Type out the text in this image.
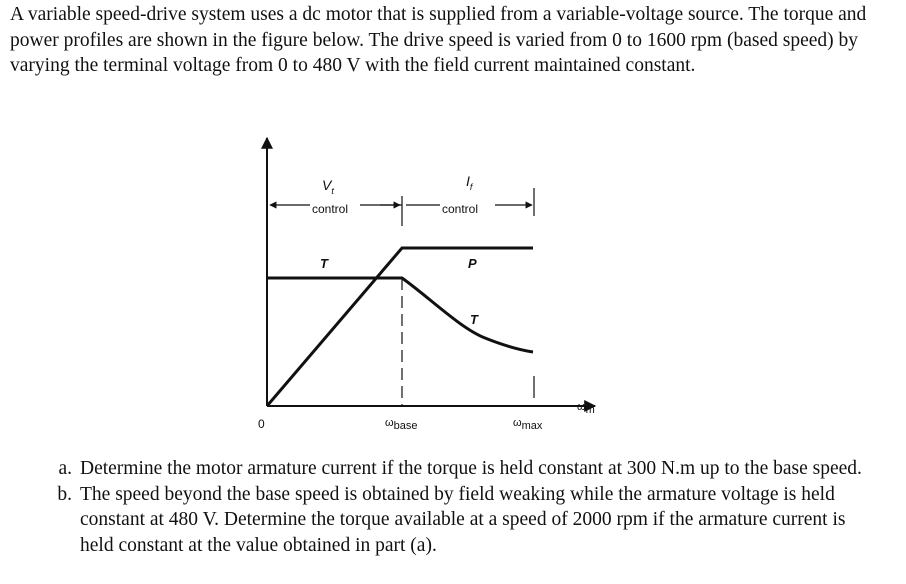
A variable speed-drive system uses a dc motor that is supplied from a variable-voltage source. The torque and power profiles are shown in the figure below. The drive speed is varied from 0 to 1600 rpm (based speed) by varying the terminal voltage from 0 to 480 V with the field current maintained constant.
0
$V_t$
control
$I_f$
control
T	P
T
ωbase	ωmax
ωm
a. Determine the motor armature current if the torque is held constant at 300 N.m up to the base speed.
b. The speed beyond the base speed is obtained by field weaking while the armature voltage is held constant at 480 V. Determine the torque available at a speed of 2000 rpm if the armature current is held constant at the value obtained in part (a).
